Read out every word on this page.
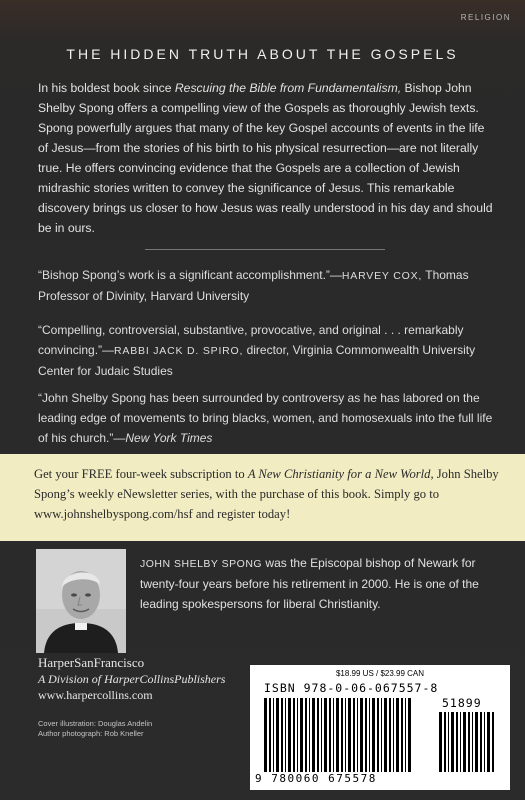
RELIGION
THE HIDDEN TRUTH ABOUT THE GOSPELS
In his boldest book since Rescuing the Bible from Fundamentalism, Bishop John Shelby Spong offers a compelling view of the Gospels as thoroughly Jewish texts. Spong powerfully argues that many of the key Gospel accounts of events in the life of Jesus—from the stories of his birth to his physical resurrection—are not literally true. He offers convincing evidence that the Gospels are a collection of Jewish midrashic stories written to convey the significance of Jesus. This remarkable discovery brings us closer to how Jesus was really understood in his day and should be in ours.
“Bishop Spong’s work is a significant accomplishment.”—HARVEY COX, Thomas Professor of Divinity, Harvard University
“Compelling, controversial, substantive, provocative, and original . . . remarkably convincing.”—RABBI JACK D. SPIRO, director, Virginia Commonwealth University Center for Judaic Studies
“John Shelby Spong has been surrounded by controversy as he has labored on the leading edge of movements to bring blacks, women, and homosexuals into the full life of his church.”—New York Times
Get your FREE four-week subscription to A New Christianity for a New World, John Shelby Spong’s weekly eNewsletter series, with the purchase of this book. Simply go to www.johnshelbyspong.com/hsf and register today!
JOHN SHELBY SPONG was the Episcopal bishop of Newark for twenty-four years before his retirement in 2000. He is one of the leading spokespersons for liberal Christianity.
HarperSanFrancisco
A Division of HarperCollinsPublishers
www.harpercollins.com
Cover illustration: Douglas Andelin
Author photograph: Rob Kneller
$18.99 US / $23.99 CAN
ISBN 978-0-06-067557-8
51899
9 780060 675578
